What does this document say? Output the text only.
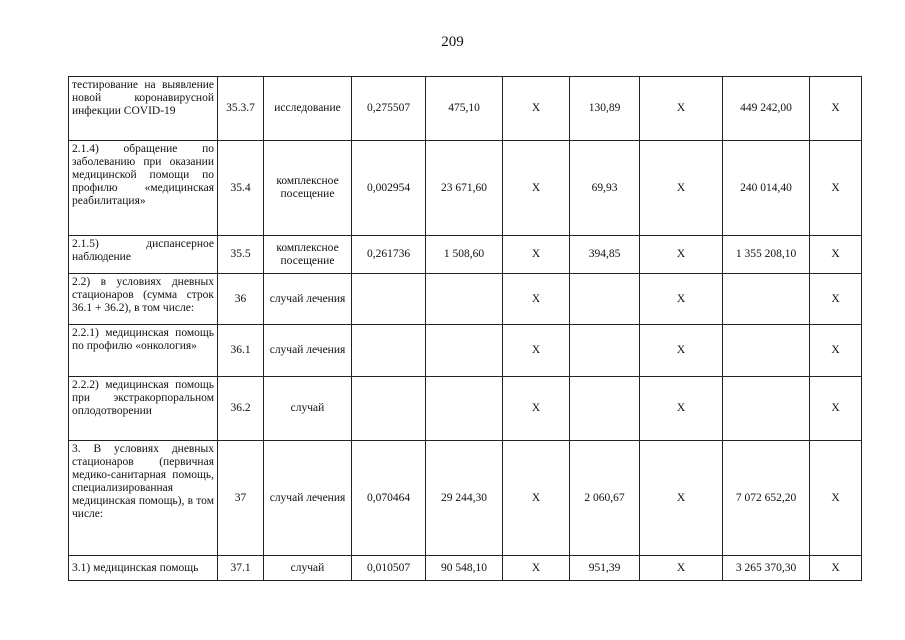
209
тестирование на выявление новой коронавирусной инфекции COVID-19	35.3.7	исследование	0,275507	475,10	Х	130,89	Х	449 242,00	Х
2.1.4) обращение по заболеванию при оказании медицинской помощи по профилю «медицинская реабилитация»	35.4	комплексное посещение	0,002954	23 671,60	Х	69,93	Х	240 014,40	Х
2.1.5) диспансерное наблюдение	35.5	комплексное посещение	0,261736	1 508,60	Х	394,85	Х	1 355 208,10	Х
2.2) в условиях дневных стационаров (сумма строк 36.1 + 36.2), в том числе:	36	случай лечения			Х		Х		Х
2.2.1) медицинская помощь по профилю «онкология»	36.1	случай лечения			Х		Х		Х
2.2.2) медицинская помощь при экстракорпоральном оплодотворении	36.2	случай			Х		Х		Х
3. В условиях дневных стационаров (первичная медико-санитарная помощь, специализированная медицинская помощь), в том числе:	37	случай лечения	0,070464	29 244,30	Х	2 060,67	Х	7 072 652,20	Х
3.1) медицинская помощь	37.1	случай	0,010507	90 548,10	Х	951,39	Х	3 265 370,30	Х
